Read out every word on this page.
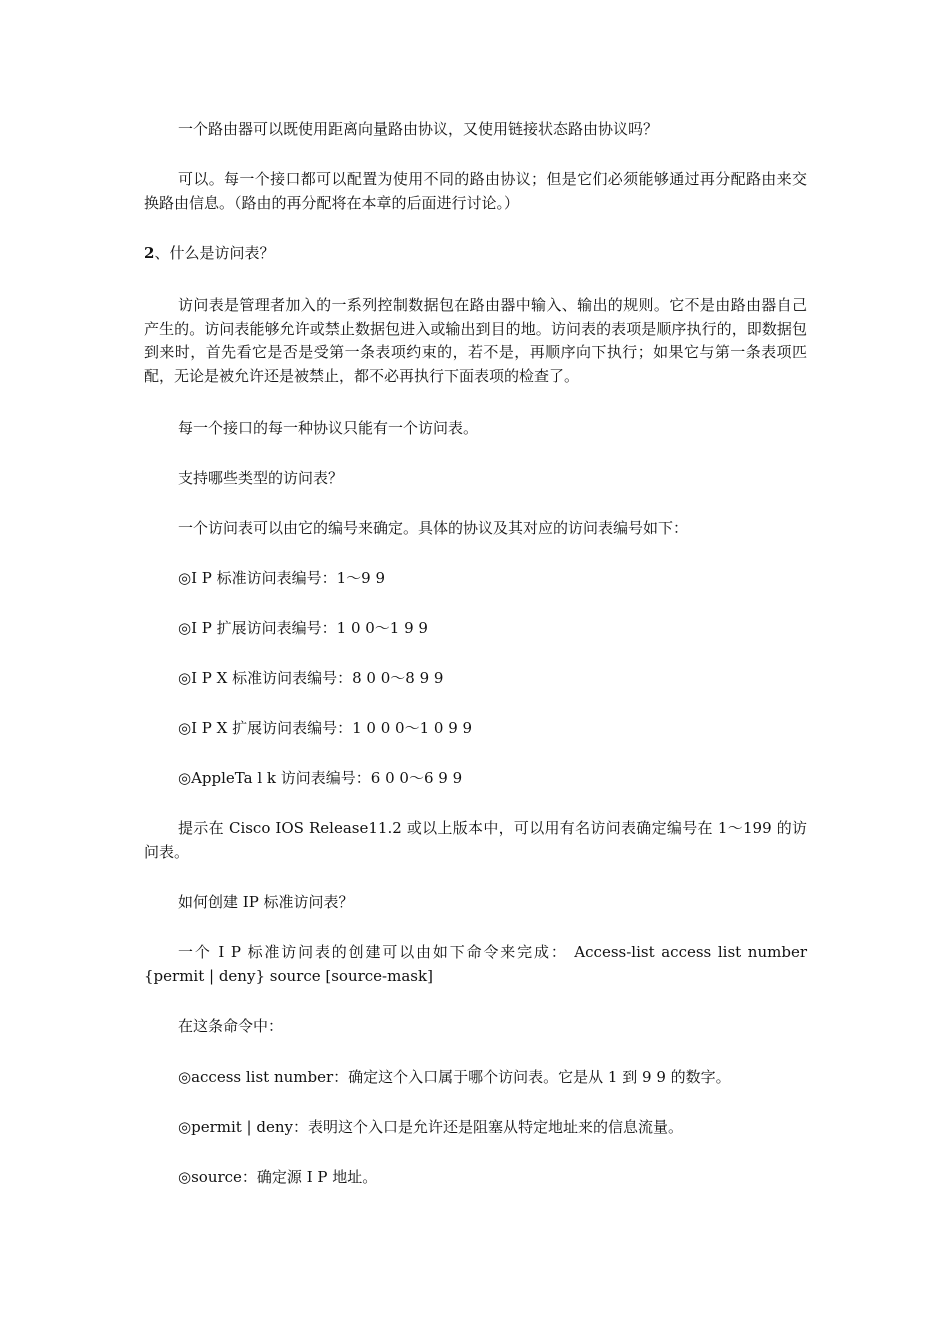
一个路由器可以既使用距离向量路由协议，又使用链接状态路由协议吗？

可以。每一个接口都可以配置为使用不同的路由协议；但是它们必须能够通过再分配路由来交换路由信息。（路由的再分配将在本章的后面进行讨论。）

2、什么是访问表？

访问表是管理者加入的一系列控制数据包在路由器中输入、输出的规则。它不是由路由器自己产生的。访问表能够允许或禁止数据包进入或输出到目的地。访问表的表项是顺序执行的，即数据包到来时，首先看它是否是受第一条表项约束的，若不是，再顺序向下执行；如果它与第一条表项匹配，无论是被允许还是被禁止，都不必再执行下面表项的检查了。

每一个接口的每一种协议只能有一个访问表。

支持哪些类型的访问表？

一个访问表可以由它的编号来确定。具体的协议及其对应的访问表编号如下：

◎I P 标准访问表编号：1～9 9

◎I P 扩展访问表编号：1 0 0～1 9 9

◎I P X 标准访问表编号：8 0 0～8 9 9

◎I P X 扩展访问表编号：1 0 0 0～1 0 9 9

◎AppleTa l k 访问表编号：6 0 0～6 9 9

提示在 Cisco IOS Release11.2 或以上版本中，可以用有名访问表确定编号在 1～199 的访问表。

如何创建 IP 标准访问表？

一个 I P 标准访问表的创建可以由如下命令来完成： Access-list access list number {permit | deny} source [source-mask]

在这条命令中：

◎access list number：确定这个入口属于哪个访问表。它是从 1 到 9 9 的数字。

◎permit | deny：表明这个入口是允许还是阻塞从特定地址来的信息流量。

◎source：确定源 I P 地址。
